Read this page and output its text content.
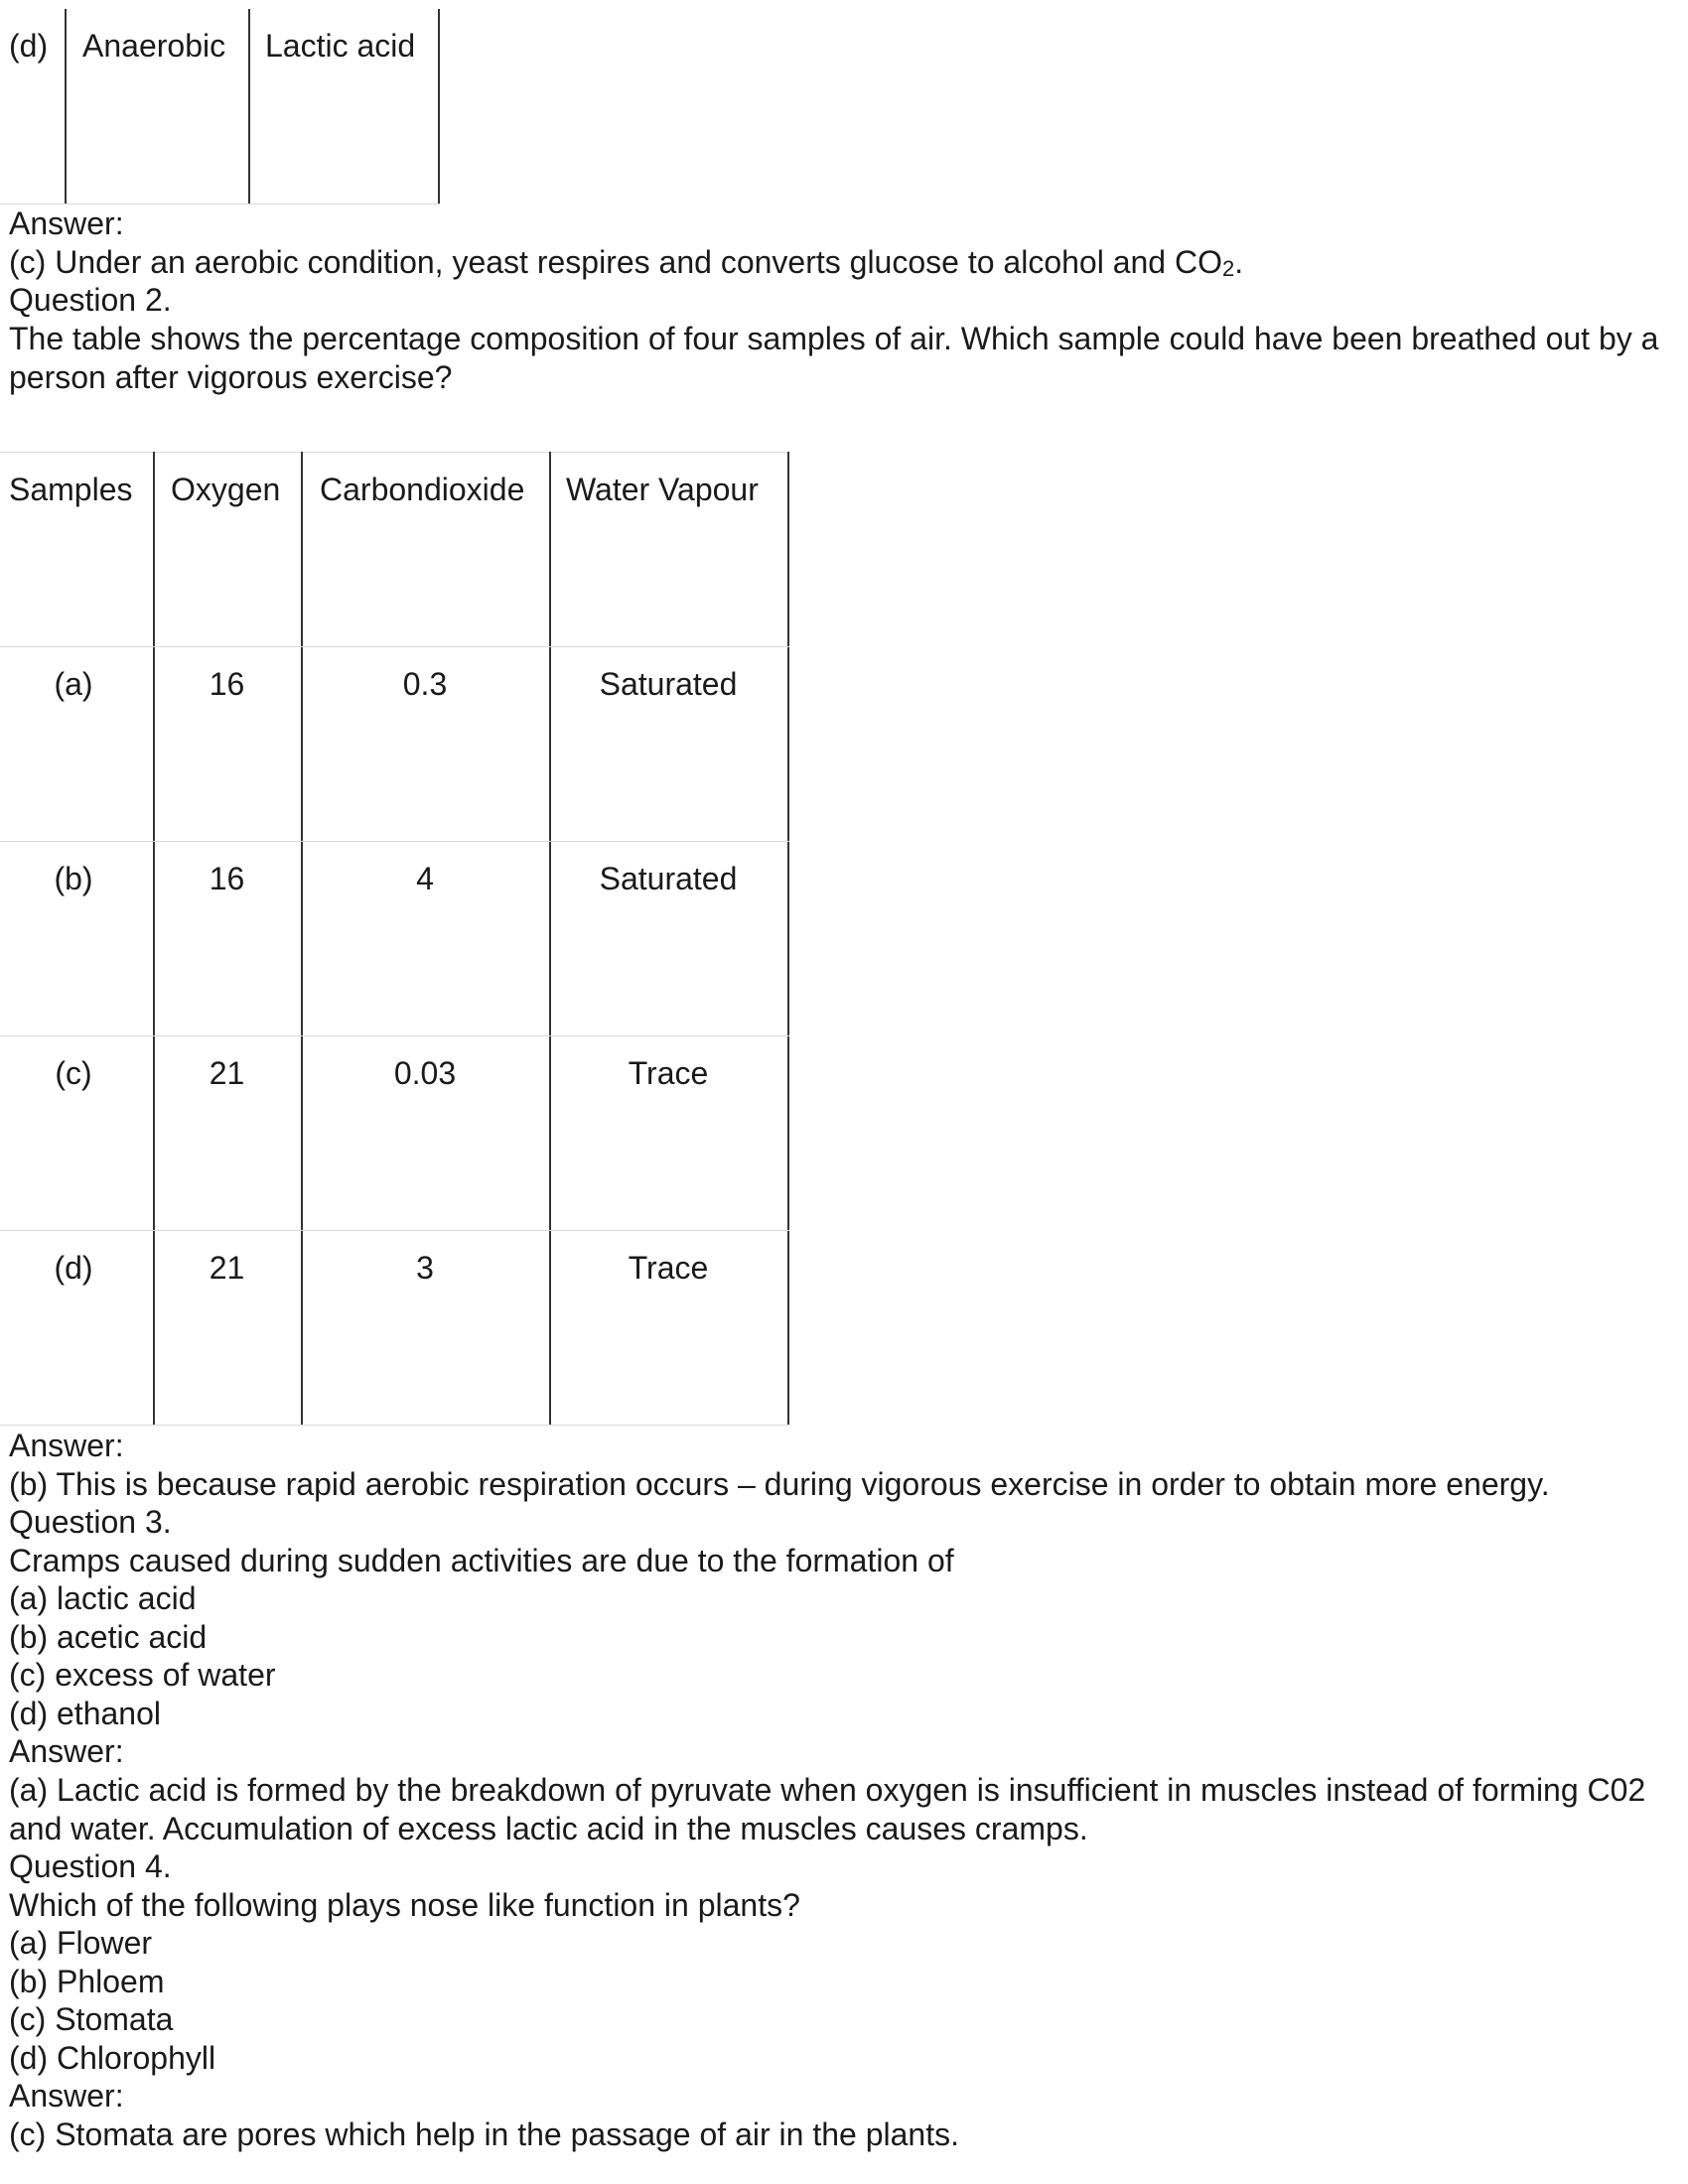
(d) Anaerobic Lactic acid
Answer:
(c) Under an aerobic condition, yeast respires and converts glucose to alcohol and $CO_2$.
Question 2.
The table shows the percentage composition of four samples of air. Which sample could have been breathed out by a person after vigorous exercise?
Samples Oxygen Carbondioxide Water Vapour
(a)	16	0.3	Saturated
(b)	16	4	Saturated
(c)	21	0.03	Trace
(d)	21	3	Trace
Answer:
(b) This is because rapid aerobic respiration occurs – during vigorous exercise in order to obtain more energy.
Question 3.
Cramps caused during sudden activities are due to the formation of
(a) lactic acid
(b) acetic acid
(c) excess of water
(d) ethanol
Answer:
(a) Lactic acid is formed by the breakdown of pyruvate when oxygen is insufficient in muscles instead of forming C02 and water. Accumulation of excess lactic acid in the muscles causes cramps.
Question 4.
Which of the following plays nose like function in plants?
(a) Flower
(b) Phloem
(c) Stomata
(d) Chlorophyll
Answer:
(c) Stomata are pores which help in the passage of air in the plants.
